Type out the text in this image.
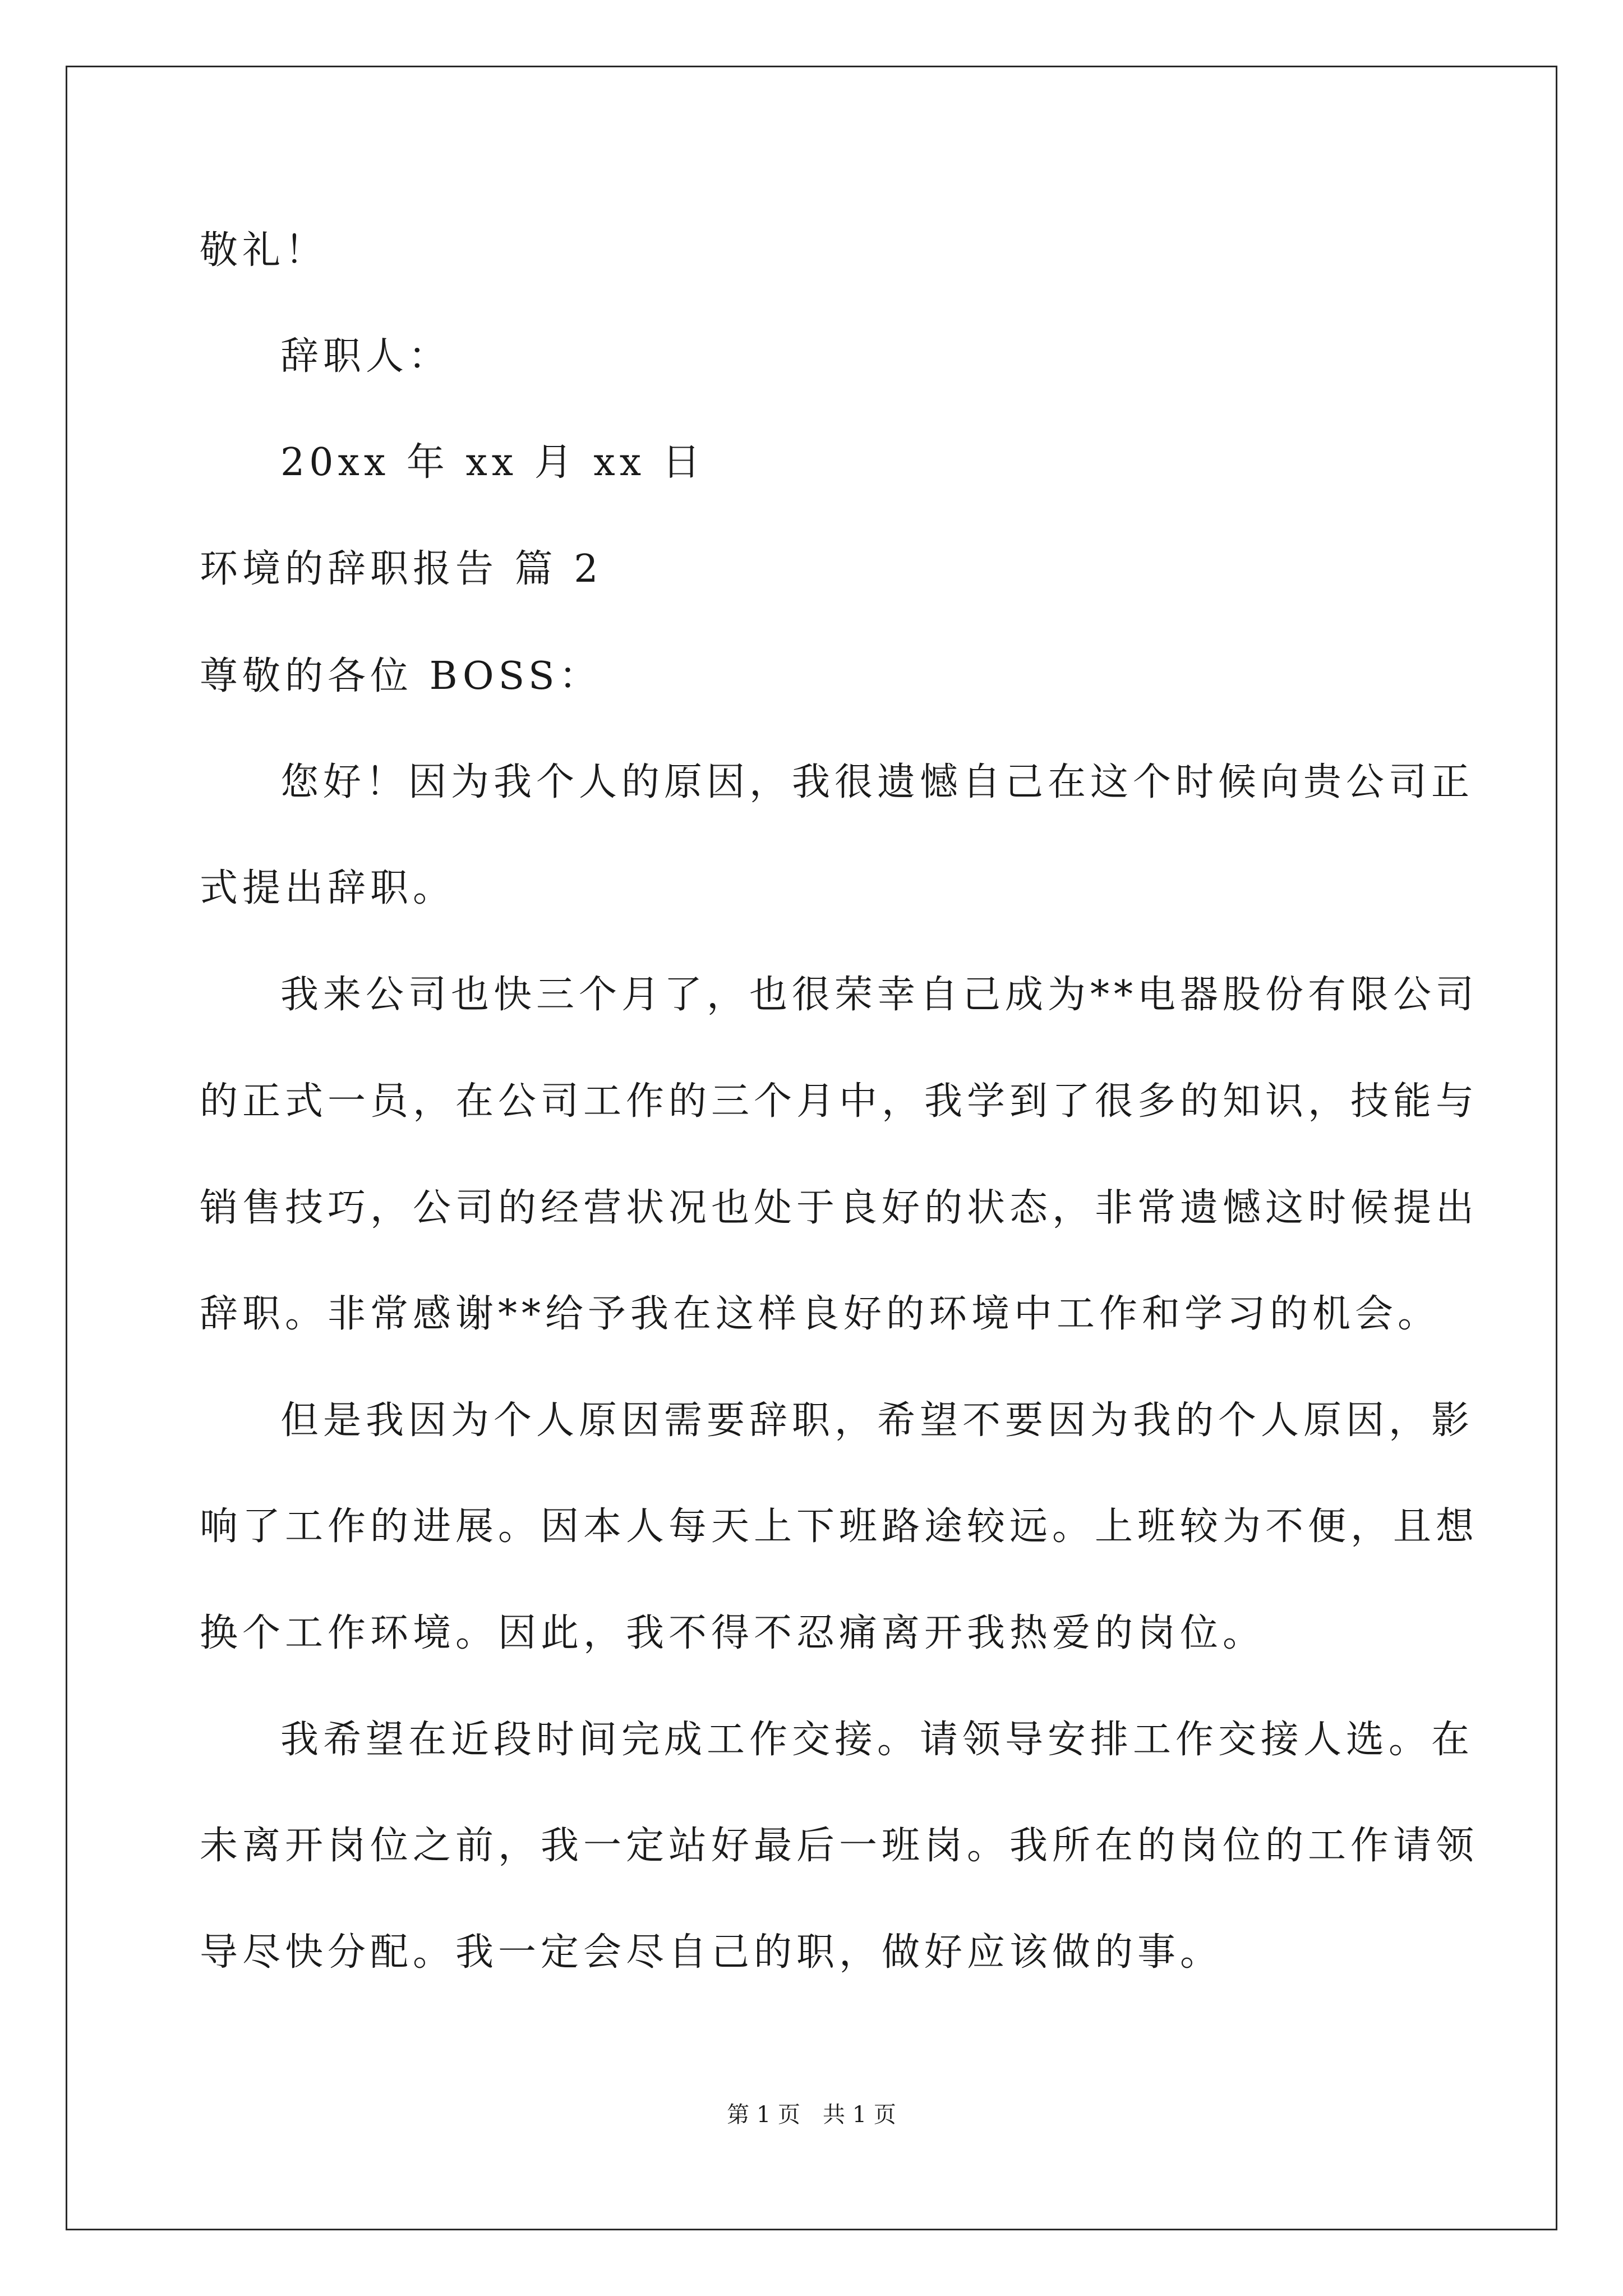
敬礼！
辞职人：
20xx 年 xx 月 xx 日
环境的辞职报告 篇 2
尊敬的各位 BOSS：
您好！因为我个人的原因，我很遗憾自己在这个时候向贵公司正
式提出辞职。
我来公司也快三个月了，也很荣幸自己成为**电器股份有限公司
的正式一员，在公司工作的三个月中，我学到了很多的知识，技能与
销售技巧，公司的经营状况也处于良好的状态，非常遗憾这时候提出
辞职。非常感谢**给予我在这样良好的环境中工作和学习的机会。
但是我因为个人原因需要辞职，希望不要因为我的个人原因，影
响了工作的进展。因本人每天上下班路途较远。上班较为不便，且想
换个工作环境。因此，我不得不忍痛离开我热爱的岗位。
我希望在近段时间完成工作交接。请领导安排工作交接人选。在
未离开岗位之前，我一定站好最后一班岗。我所在的岗位的工作请领
导尽快分配。我一定会尽自己的职，做好应该做的事。
第 1 页　共 1 页
